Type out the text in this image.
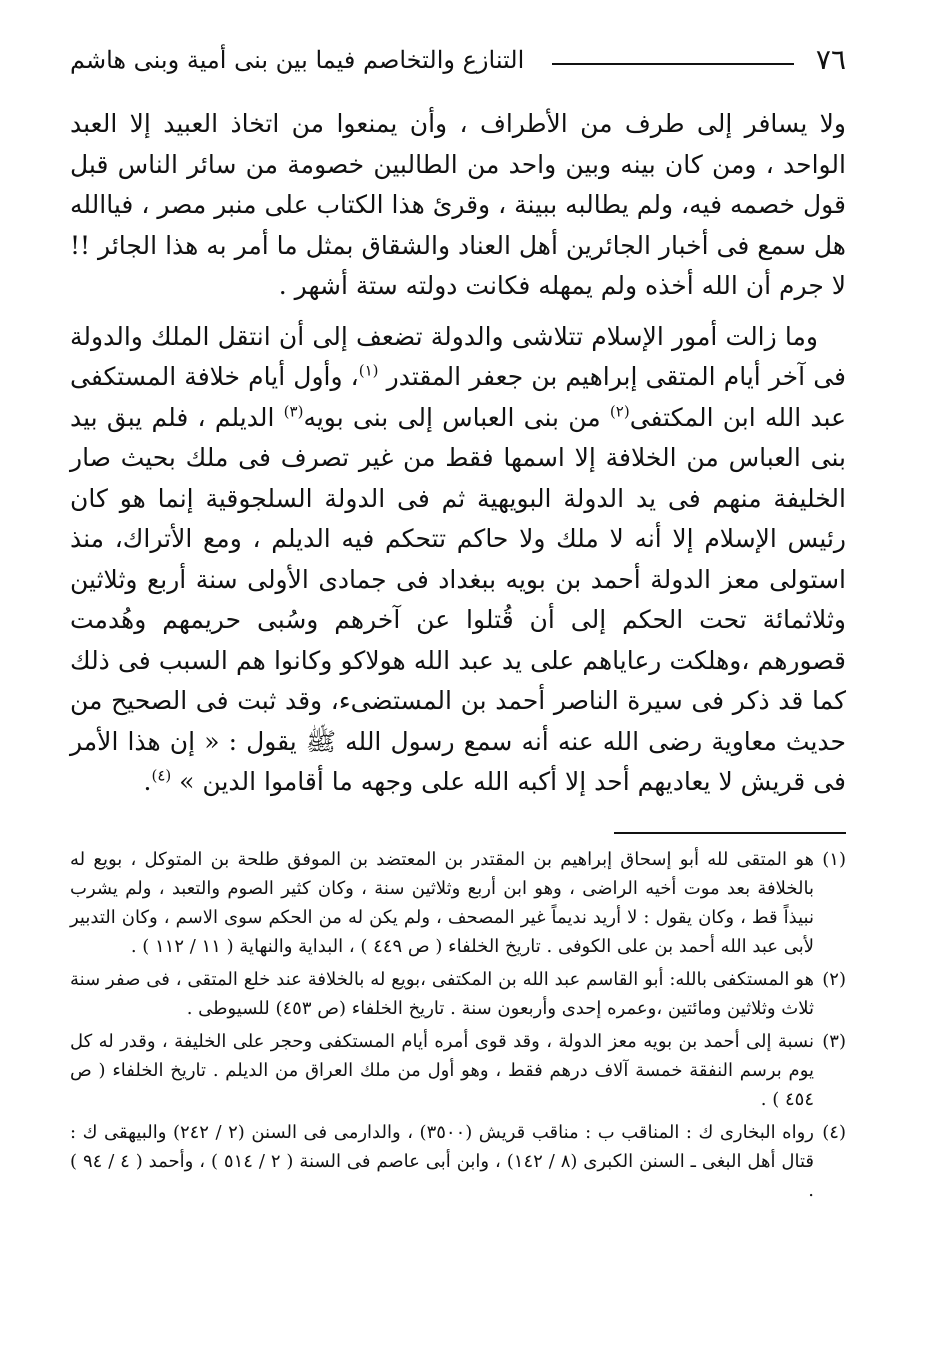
٧٦
التنازع والتخاصم فيما بين بنى أمية وبنى هاشم

ولا يسافر إلى طرف من الأطراف ، وأن يمنعوا من اتخاذ العبيد إلا العبد الواحد ، ومن كان بينه وبين واحد من الطالبين خصومة من سائر الناس قبل قول خصمه فيه، ولم يطالبه ببينة ، وقرئ هذا الكتاب على منبر مصر ، فياالله هل سمع فى أخبار الجائرين أهل العناد والشقاق بمثل ما أمر به هذا الجائر !! لا جرم أن الله أخذه ولم يمهله فكانت دولته ستة أشهر .

وما زالت أمور الإسلام تتلاشى والدولة تضعف إلى أن انتقل الملك والدولة فى آخر أيام المتقى إبراهيم بن جعفر المقتدر $^{(١)}$، وأول أيام خلافة المستكفى عبد الله ابن المكتفى$^{(٢)}$ من بنى العباس إلى بنى بويه$^{(٣)}$ الديلم ، فلم يبق بيد بنى العباس من الخلافة إلا اسمها فقط من غير تصرف فى ملك بحيث صار الخليفة منهم فى يد الدولة البويهية ثم فى الدولة السلجوقية إنما هو كان رئيس الإسلام إلا أنه لا ملك ولا حاكم تتحكم فيه الديلم ، ومع الأتراك، منذ استولى معز الدولة أحمد بن بويه ببغداد فى جمادى الأولى سنة أربع وثلاثين وثلاثمائة تحت الحكم إلى أن قُتلوا عن آخرهم وسُبى حريمهم وهُدمت قصورهم ،وهلكت رعاياهم على يد عبد الله هولاكو وكانوا هم السبب فى ذلك كما قد ذكر فى سيرة الناصر أحمد بن المستضىء، وقد ثبت فى الصحيح من حديث معاوية رضى الله عنه أنه سمع رسول الله ﷺ يقول : « إن هذا الأمر فى قريش لا يعاديهم أحد إلا أكبه الله على وجهه ما أقاموا الدين » $^{(٤)}$.

(١)
هو المتقى لله أبو إسحاق إبراهيم بن المقتدر بن المعتضد بن الموفق طلحة بن المتوكل ، بويع له بالخلافة بعد موت أخيه الراضى ، وهو ابن أربع وثلاثين سنة ، وكان كثير الصوم والتعبد ، ولم يشرب نبيذاً قط ، وكان يقول : لا أريد نديماً غير المصحف ، ولم يكن له من الحكم سوى الاسم ، وكان التدبير لأبى عبد الله أحمد بن على الكوفى . تاريخ الخلفاء ( ص ٤٤٩ ) ، البداية والنهاية ( ١١ / ١١٢ ) .
(٢)
هو المستكفى بالله: أبو القاسم عبد الله بن المكتفى ،بويع له بالخلافة عند خلع المتقى ، فى صفر سنة ثلاث وثلاثين ومائتين ،وعمره إحدى وأربعون سنة . تاريخ الخلفاء (ص ٤٥٣) للسيوطى .
(٣)
نسبة إلى أحمد بن بويه معز الدولة ، وقد قوى أمره أيام المستكفى وحجر على الخليفة ، وقدر له كل يوم برسم النفقة خمسة آلاف درهم فقط ، وهو أول من ملك العراق من الديلم . تاريخ الخلفاء ( ص ٤٥٤ ) .
(٤)
رواه البخارى ك : المناقب ب : مناقب قريش (٣٥٠٠) ، والدارمى فى السنن (٢ / ٢٤٢) والبيهقى ك : قتال أهل البغى ـ السنن الكبرى (٨ / ١٤٢) ، وابن أبى عاصم فى السنة ( ٢ / ٥١٤ ) ، وأحمد ( ٤ / ٩٤ ) .
